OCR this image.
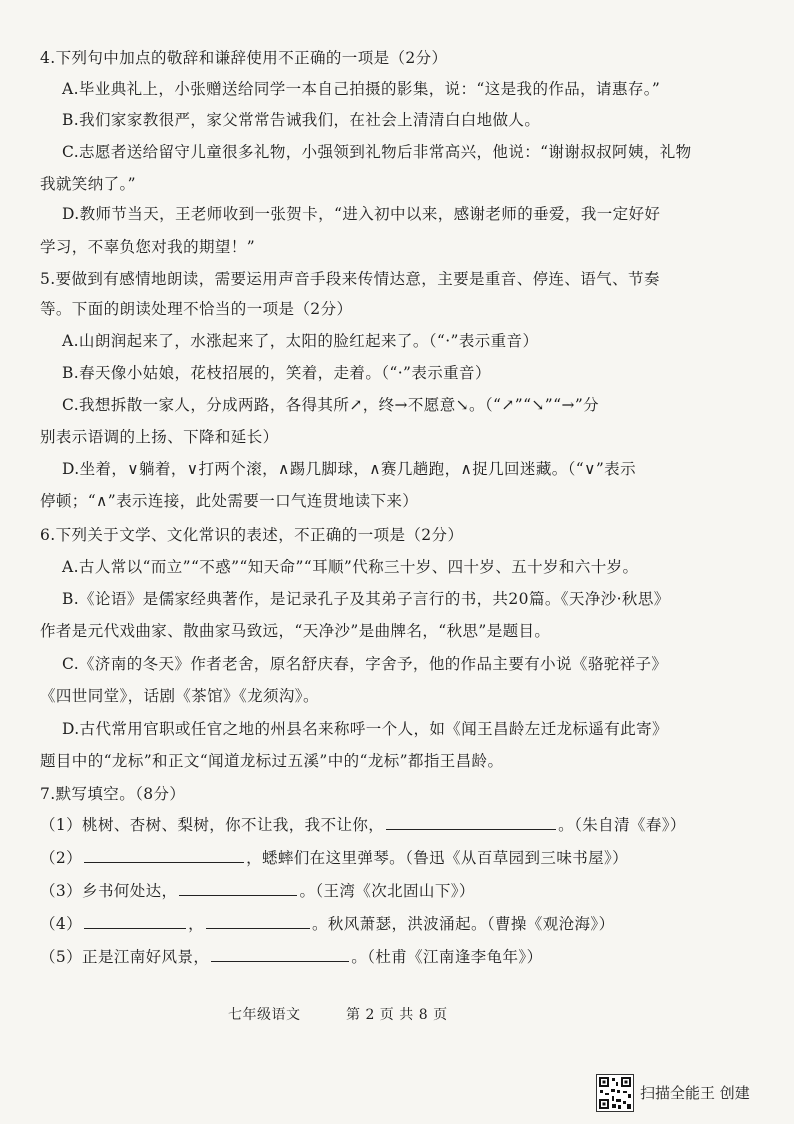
4.下列句中加点的敬辞和谦辞使用不正确的一项是（2分）
A.毕业典礼上，小张赠送给同学一本自己拍摄的影集，说：“这是我的作品，请惠存。”
B.我们家家教很严，家父常常告诫我们，在社会上清清白白地做人。
C.志愿者送给留守儿童很多礼物，小强领到礼物后非常高兴，他说：“谢谢叔叔阿姨，礼物
我就笑纳了。”
D.教师节当天，王老师收到一张贺卡，“进入初中以来，感谢老师的垂爱，我一定好好
学习，不辜负您对我的期望！”
5.要做到有感情地朗读，需要运用声音手段来传情达意，主要是重音、停连、语气、节奏
等。下面的朗读处理不恰当的一项是（2分）
A.山朗润起来了，水涨起来了，太阳的脸红起来了。（“·”表示重音）
B.春天像小姑娘，花枝招展的，笑着，走着。（“·”表示重音）
C.我想拆散一家人，分成两路，各得其所↗，终→不愿意↘。（“↗”“↘”“→”分
别表示语调的上扬、下降和延长）
D.坐着，∨躺着，∨打两个滚，∧踢几脚球，∧赛几趟跑，∧捉几回迷藏。（“∨”表示
停顿；“∧”表示连接，此处需要一口气连贯地读下来）
6.下列关于文学、文化常识的表述，不正确的一项是（2分）
A.古人常以“而立”“不惑”“知天命”“耳顺”代称三十岁、四十岁、五十岁和六十岁。
B.《论语》是儒家经典著作，是记录孔子及其弟子言行的书，共20篇。《天净沙·秋思》
作者是元代戏曲家、散曲家马致远，“天净沙”是曲牌名，“秋思”是题目。
C.《济南的冬天》作者老舍，原名舒庆春，字舍予，他的作品主要有小说《骆驼祥子》
《四世同堂》，话剧《茶馆》《龙须沟》。
D.古代常用官职或任官之地的州县名来称呼一个人，如《闻王昌龄左迁龙标遥有此寄》
题目中的“龙标”和正文“闻道龙标过五溪”中的“龙标”都指王昌龄。
7.默写填空。（8分）
（1）桃树、杏树、梨树，你不让我，我不让你，	。（朱自清《春》）
（2）	，蟋蟀们在这里弹琴。（鲁迅《从百草园到三味书屋》）
（3）乡书何处达，	。（王湾《次北固山下》）
（4）	，	。秋风萧瑟，洪波涌起。（曹操《观沧海》）
（5）正是江南好风景，	。（杜甫《江南逢李龟年》）
七年级语文	第 2 页 共 8 页
扫描全能王 创建
